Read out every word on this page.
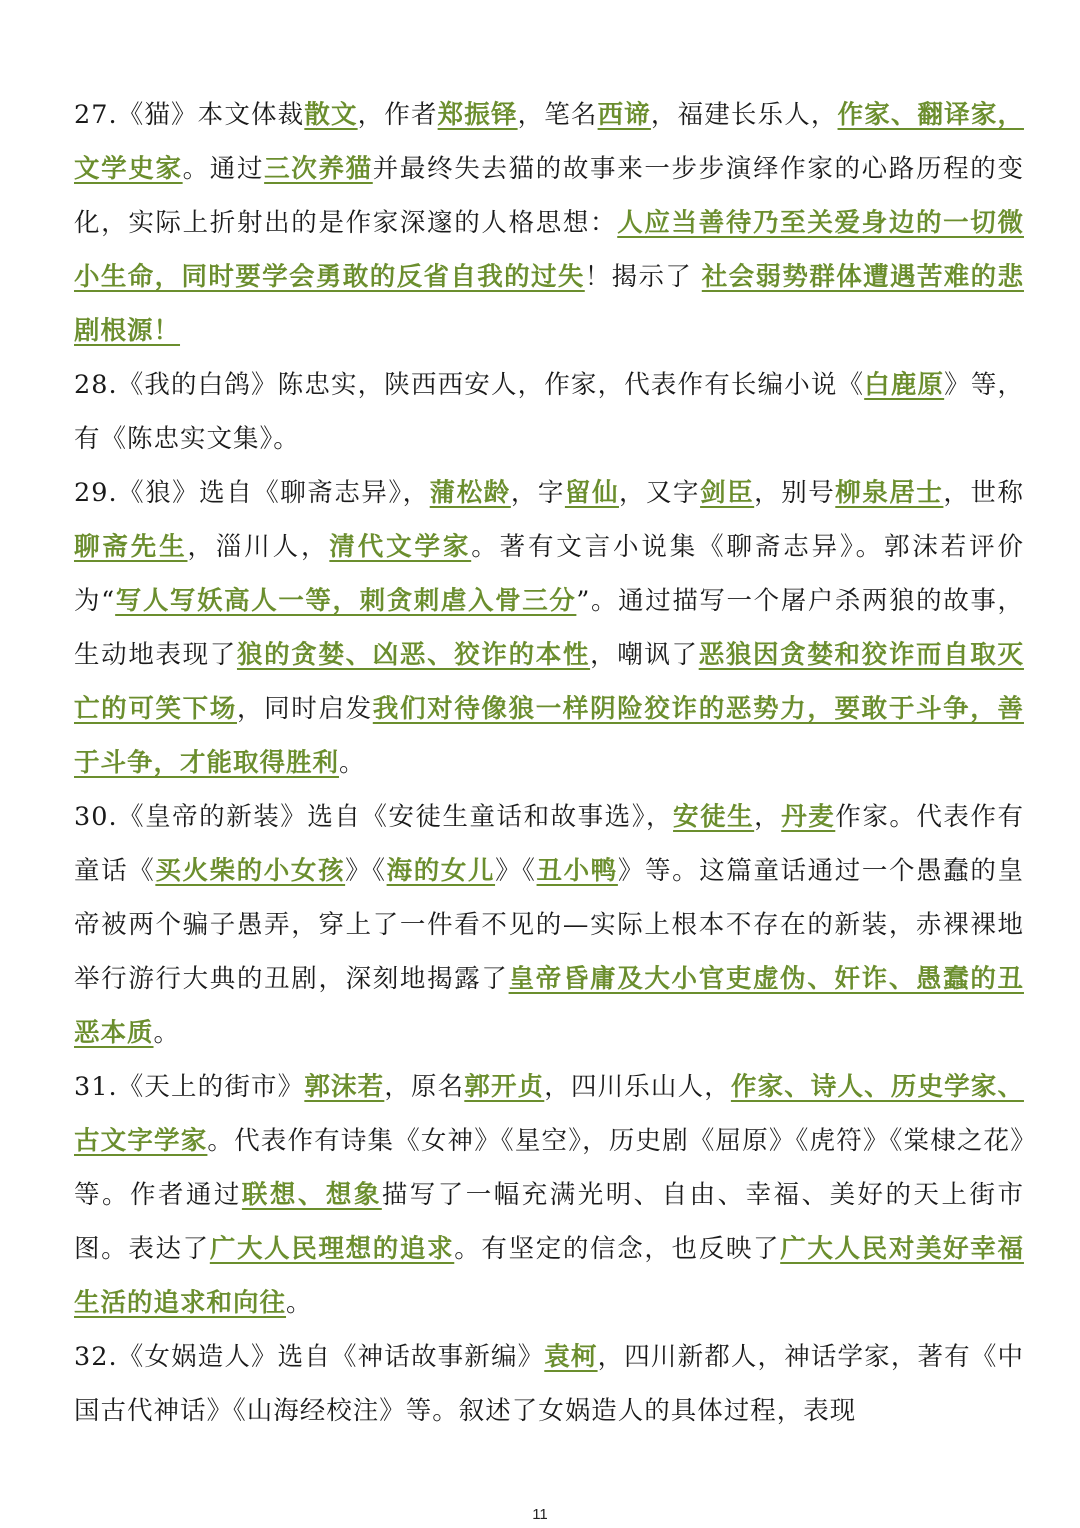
27.《猫》本文体裁散文，作者郑振铎，笔名西谛，福建长乐人，作家、翻译家，文学史家。通过三次养猫并最终失去猫的故事来一步步演绎作家的心路历程的变化，实际上折射出的是作家深邃的人格思想：人应当善待乃至关爱身边的一切微小生命，同时要学会勇敢的反省自我的过失！揭示了 社会弱势群体遭遇苦难的悲剧根源！

28.《我的白鸽》陈忠实，陕西西安人，作家，代表作有长编小说《白鹿原》等，有《陈忠实文集》。

29.《狼》选自《聊斋志异》，蒲松龄，字留仙，又字剑臣，别号柳泉居士，世称聊斋先生，淄川人，清代文学家。著有文言小说集《聊斋志异》。郭沫若评价为“写人写妖高人一等，刺贪刺虐入骨三分”。通过描写一个屠户杀两狼的故事，生动地表现了狼的贪婪、凶恶、狡诈的本性，嘲讽了恶狼因贪婪和狡诈而自取灭亡的可笑下场，同时启发我们对待像狼一样阴险狡诈的恶势力，要敢于斗争，善于斗争，才能取得胜利。

30.《皇帝的新装》选自《安徒生童话和故事选》，安徒生，丹麦作家。代表作有童话《买火柴的小女孩》《海的女儿》《丑小鸭》等。这篇童话通过一个愚蠢的皇帝被两个骗子愚弄，穿上了一件看不见的—实际上根本不存在的新装，赤裸裸地举行游行大典的丑剧，深刻地揭露了皇帝昏庸及大小官吏虚伪、奸诈、愚蠢的丑恶本质。

31.《天上的街市》郭沫若，原名郭开贞，四川乐山人，作家、诗人、历史学家、古文字学家。代表作有诗集《女神》《星空》，历史剧《屈原》《虎符》《棠棣之花》等。作者通过联想、想象描写了一幅充满光明、自由、幸福、美好的天上街市图。表达了广大人民理想的追求。有坚定的信念，也反映了广大人民对美好幸福生活的追求和向往。

32.《女娲造人》选自《神话故事新编》袁柯，四川新都人，神话学家，著有《中国古代神话》《山海经校注》等。叙述了女娲造人的具体过程，表现

11
